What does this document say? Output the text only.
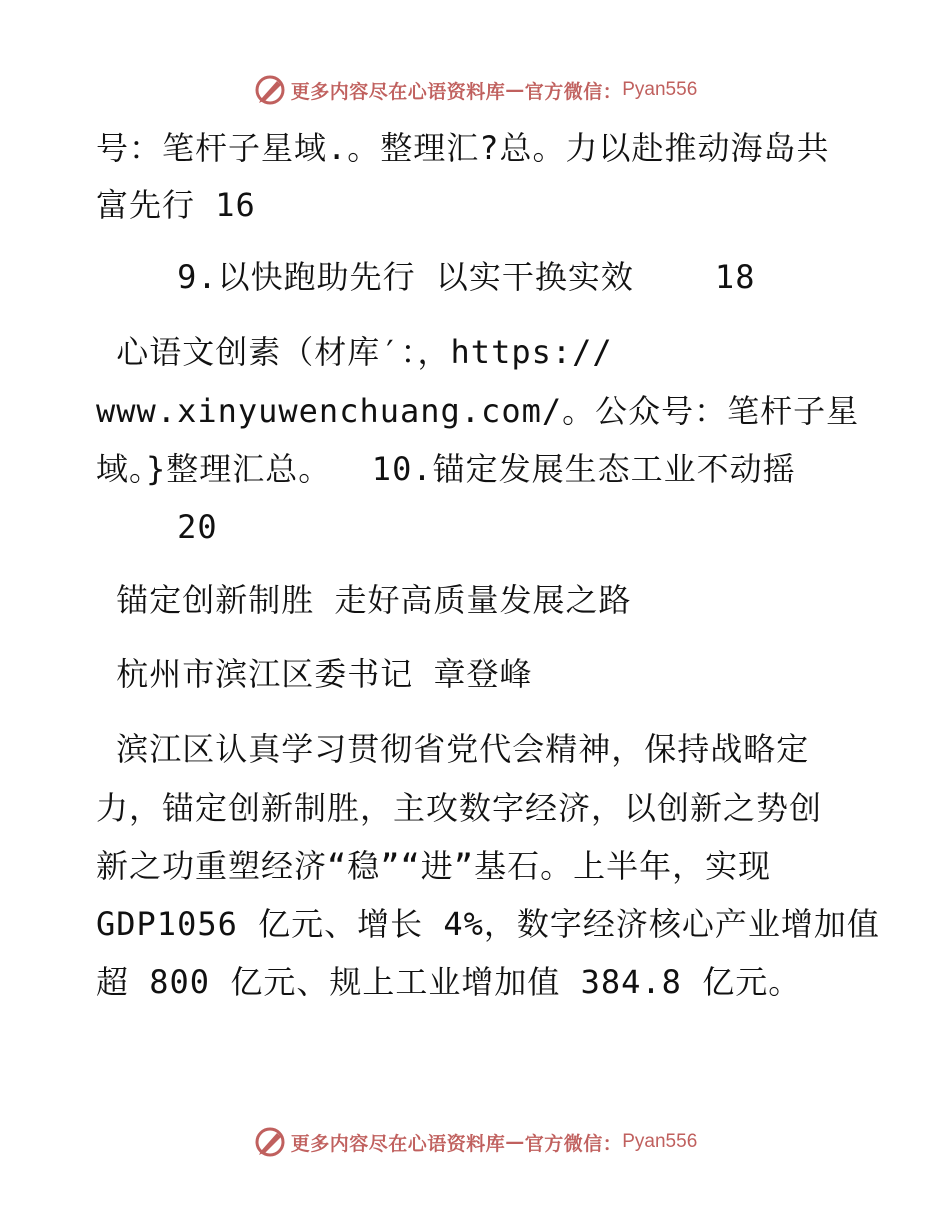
更多内容尽在心语资料库 — 官方微信： Pyan556
号：笔杆子星域.。整理汇?总。力以赴推动海岛共
富先行 16
9.以快跑助先行 以实干换实效    18
心语文创素（材库′：，https://
www.xinyuwenchuang.com/。公众号：笔杆子星
域。}整理汇总。  10.锚定发展生态工业不动摇
20
锚定创新制胜 走好高质量发展之路
杭州市滨江区委书记 章登峰
滨江区认真学习贯彻省党代会精神，保持战略定
力，锚定创新制胜，主攻数字经济，以创新之势创
新之功重塑经济“稳”“进”基石。上半年，实现
GDP1056 亿元、增长 4%，数字经济核心产业增加值
超 800 亿元、规上工业增加值 384.8 亿元。
更多内容尽在心语资料库 — 官方微信： Pyan556
